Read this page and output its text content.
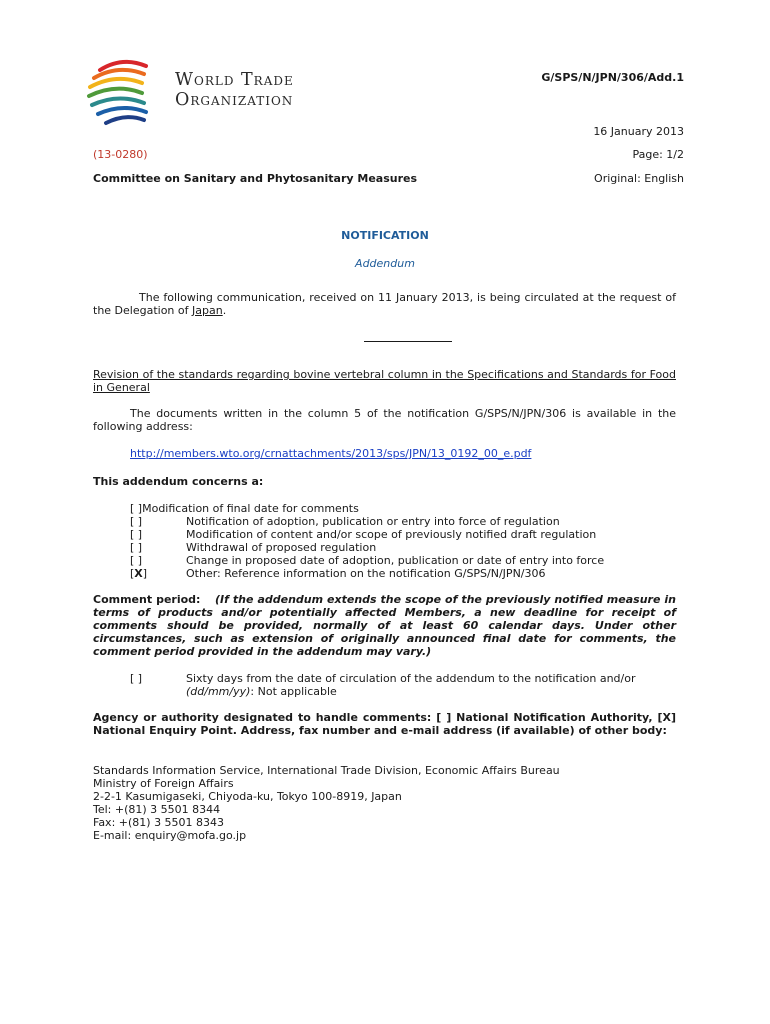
World Trade
Organization
G/SPS/N/JPN/306/Add.1
16 January 2013
(13-0280)	Page: 1/2
Committee on Sanitary and Phytosanitary Measures	Original: English
NOTIFICATION
Addendum
The following communication, received on 11 January 2013, is being circulated at the request of the Delegation of Japan.
Revision of the standards regarding bovine vertebral column in the Specifications and Standards for Food in General
The documents written in the column 5 of the notification G/SPS/N/JPN/306 is available in the following address:
http://members.wto.org/crnattachments/2013/sps/JPN/13_0192_00_e.pdf
This addendum concerns a:
[ ]Modification of final date for comments
[ ]	Notification of adoption, publication or entry into force of regulation
[ ]	Modification of content and/or scope of previously notified draft regulation
[ ]	Withdrawal of proposed regulation
[ ]	Change in proposed date of adoption, publication or date of entry into force
[X]	Other: Reference information on the notification G/SPS/N/JPN/306
Comment period: (If the addendum extends the scope of the previously notified measure in terms of products and/or potentially affected Members, a new deadline for receipt of comments should be provided, normally of at least 60 calendar days. Under other circumstances, such as extension of originally announced final date for comments, the comment period provided in the addendum may vary.)
[ ]	Sixty days from the date of circulation of the addendum to the notification and/or
(dd/mm/yy): Not applicable
Agency or authority designated to handle comments: [ ] National Notification Authority, [X] National Enquiry Point. Address, fax number and e-mail address (if available) of other body:
Standards Information Service, International Trade Division, Economic Affairs Bureau
Ministry of Foreign Affairs
2-2-1 Kasumigaseki, Chiyoda-ku, Tokyo 100-8919, Japan
Tel: +(81) 3 5501 8344
Fax: +(81) 3 5501 8343
E-mail: enquiry@mofa.go.jp
